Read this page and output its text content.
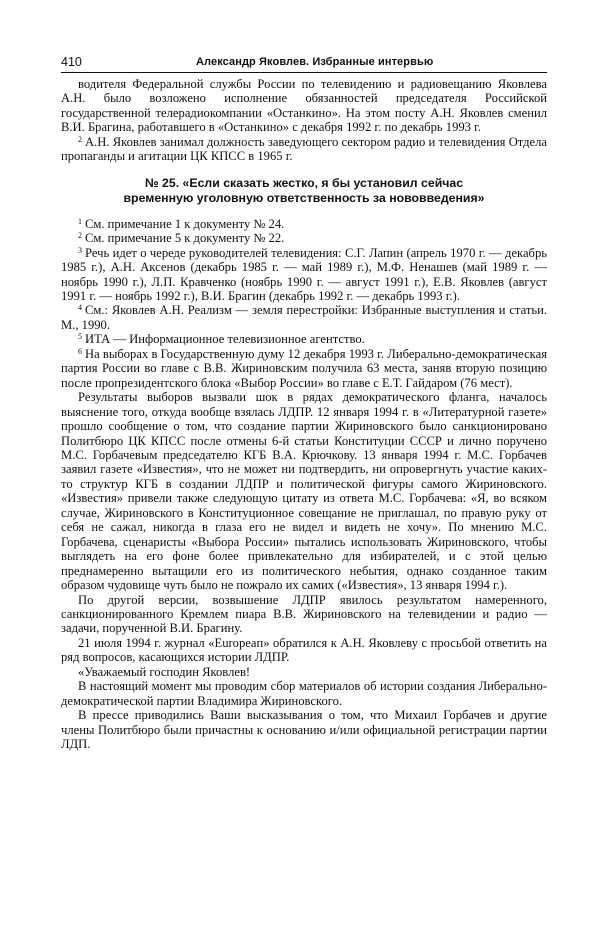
410	Александр Яковлев. Избранные интервью

водителя Федеральной службы России по телевидению и радиовещанию Яковлева А.Н. было возложено исполнение обязанностей председателя Российской государственной телерадиокомпании «Останкино». На этом посту А.Н. Яковлев сменил В.И. Брагина, работавшего в «Останкино» с декабря 1992 г. по декабрь 1993 г.

$^2$ А.Н. Яковлев занимал должность заведующего сектором радио и телевидения Отдела пропаганды и агитации ЦК КПСС в 1965 г.

№ 25. «Если сказать жестко, я бы установил сейчас
временную уголовную ответственность за нововведения»

$^1$ См. примечание 1 к документу № 24.

$^2$ См. примечание 5 к документу № 22.

$^3$ Речь идет о череде руководителей телевидения: С.Г. Лапин (апрель 1970 г. — декабрь 1985 г.), А.Н. Аксенов (декабрь 1985 г. — май 1989 г.), М.Ф. Ненашев (май 1989 г. — ноябрь 1990 г.), Л.П. Кравченко (ноябрь 1990 г. — август 1991 г.), Е.В. Яковлев (август 1991 г. — ноябрь 1992 г.), В.И. Брагин (декабрь 1992 г. — декабрь 1993 г.).

$^4$ См.: Яковлев А.Н. Реализм — земля перестройки: Избранные выступления и статьи. М., 1990.

$^5$ ИТА — Информационное телевизионное агентство.

$^6$ На выборах в Государственную думу 12 декабря 1993 г. Либерально-демократическая партия России во главе с В.В. Жириновским получила 63 места, заняв вторую позицию после пропрезидентского блока «Выбор России» во главе с Е.Т. Гайдаром (76 мест).

Результаты выборов вызвали шок в рядах демократического фланга, началось выяснение того, откуда вообще взялась ЛДПР. 12 января 1994 г. в «Литературной газете» прошло сообщение о том, что создание партии Жириновского было санкционировано Политбюро ЦК КПСС после отмены 6-й статьи Конституции СССР и лично поручено М.С. Горбачевым председателю КГБ В.А. Крючкову. 13 января 1994 г. М.С. Горбачев заявил газете «Известия», что не может ни подтвердить, ни опровергнуть участие каких-то структур КГБ в создании ЛДПР и политической фигуры самого Жириновского. «Известия» привели также следующую цитату из ответа М.С. Горбачева: «Я, во всяком случае, Жириновского в Конституционное совещание не приглашал, по правую руку от себя не сажал, никогда в глаза его не видел и видеть не хочу». По мнению М.С. Горбачева, сценаристы «Выбора России» пытались использовать Жириновского, чтобы выглядеть на его фоне более привлекательно для избирателей, и с этой целью преднамеренно вытащили его из политического небытия, однако созданное таким образом чудовище чуть было не пожрало их самих («Известия», 13 января 1994 г.).

По другой версии, возвышение ЛДПР явилось результатом намеренного, санкционированного Кремлем пиара В.В. Жириновского на телевидении и радио — задачи, порученной В.И. Брагину.

21 июля 1994 г. журнал «Europeaп» обратился к А.Н. Яковлеву с просьбой ответить на ряд вопросов, касающихся истории ЛДПР.

«Уважаемый господин Яковлев!

В настоящий момент мы проводим сбор материалов об истории создания Либерально-демократической партии Владимира Жириновского.

В прессе приводились Ваши высказывания о том, что Михаил Горбачев и другие члены Политбюро были причастны к основанию и/или официальной регистрации партии ЛДП.
